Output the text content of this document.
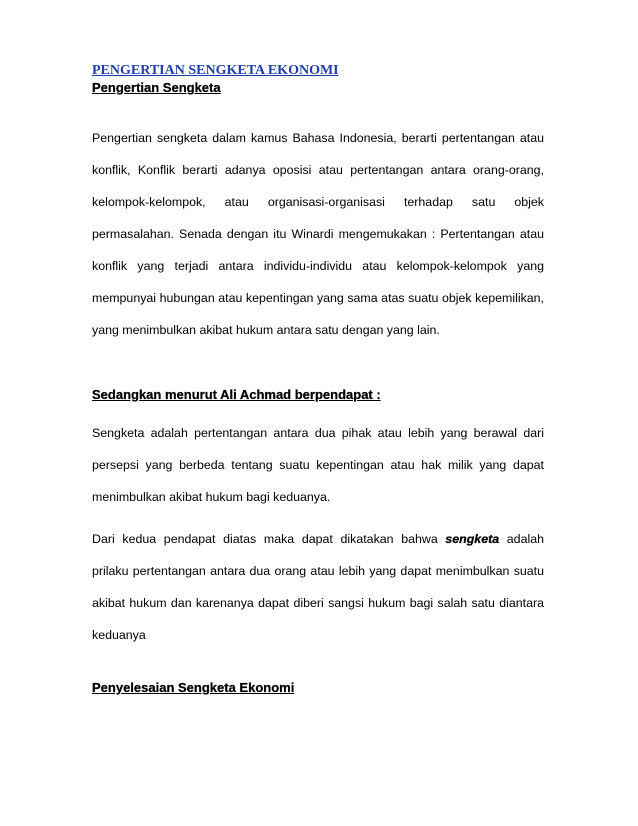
PENGERTIAN SENGKETA EKONOMI

Pengertian Sengketa

Pengertian sengketa dalam kamus Bahasa Indonesia, berarti pertentangan atau konflik, Konflik berarti adanya oposisi atau pertentangan antara orang-orang, kelompok-kelompok, atau organisasi-organisasi terhadap satu objek permasalahan. Senada dengan itu Winardi mengemukakan : Pertentangan atau konflik yang terjadi antara individu-individu atau kelompok-kelompok yang mempunyai hubungan atau kepentingan yang sama atas suatu objek kepemilikan, yang menimbulkan akibat hukum antara satu dengan yang lain.

Sedangkan menurut Ali Achmad berpendapat :

Sengketa adalah pertentangan antara dua pihak atau lebih yang berawal dari persepsi yang berbeda tentang suatu kepentingan atau hak milik yang dapat menimbulkan akibat hukum bagi keduanya.

Dari kedua pendapat diatas maka dapat dikatakan bahwa sengketa adalah prilaku pertentangan antara dua orang atau lebih yang dapat menimbulkan suatu akibat hukum dan karenanya dapat diberi sangsi hukum bagi salah satu diantara keduanya

Penyelesaian Sengketa Ekonomi
